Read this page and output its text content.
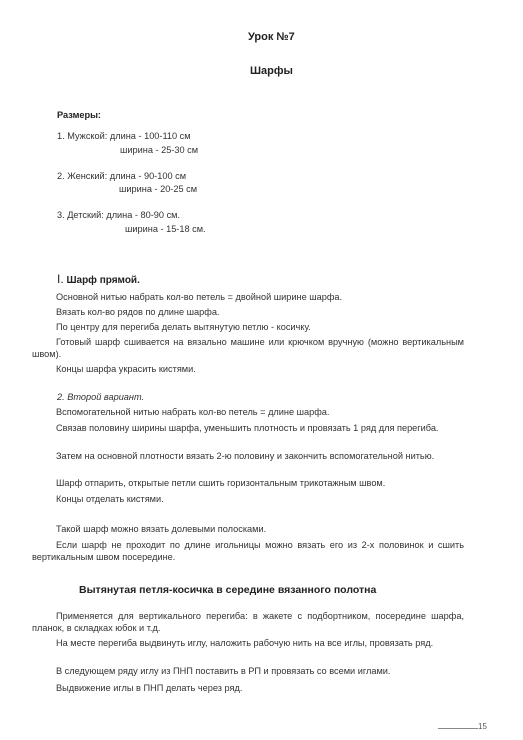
Урок №7
Шарфы
Размеры:
1. Мужской: длина - 100-110 см
ширина - 25-30 см
2. Женский: длина - 90-100 см
ширина - 20-25 см
3. Детский: длина - 80-90 см.
ширина - 15-18 см.
I. Шарф прямой.
Основной нитью набрать кол-во петель = двойной ширине шарфа.
Вязать кол-во рядов по длине шарфа.
По центру для перегиба делать вытянутую петлю - косичку.
Готовый шарф сшивается на вязально машине или крючком вручную (можно вертикальным швом).
Концы шарфа украсить кистями.
2. Второй вариант.
Вспомогательной нитью набрать кол-во петель = длине шарфа.
Связав половину ширины шарфа, уменьшить плотность и провязать 1 ряд для перегиба.
Затем на основной плотности вязать 2-ю половину и закончить вспомогательной нитью.
Шарф отпарить, открытые петли сшить горизонтальным трикотажным швом.
Концы отделать кистями.
Такой шарф можно вязать долевыми полосками.
Если шарф не проходит по длине игольницы можно вязать его из 2-х половинок и сшить вертикальным швом посередине.
Вытянутая петля-косичка в середине вязанного полотна
Применяется для вертикального перегиба: в жакете с подбортником, посередине шарфа, планок, в складках юбок и т.д.
На месте перегиба выдвинуть иглу, наложить рабочую нить на все иглы, провязать ряд.
В следующем ряду иглу из ПНП поставить в РП и провязать со всеми иглами.
Выдвижение иглы в ПНП делать через ряд.
15
